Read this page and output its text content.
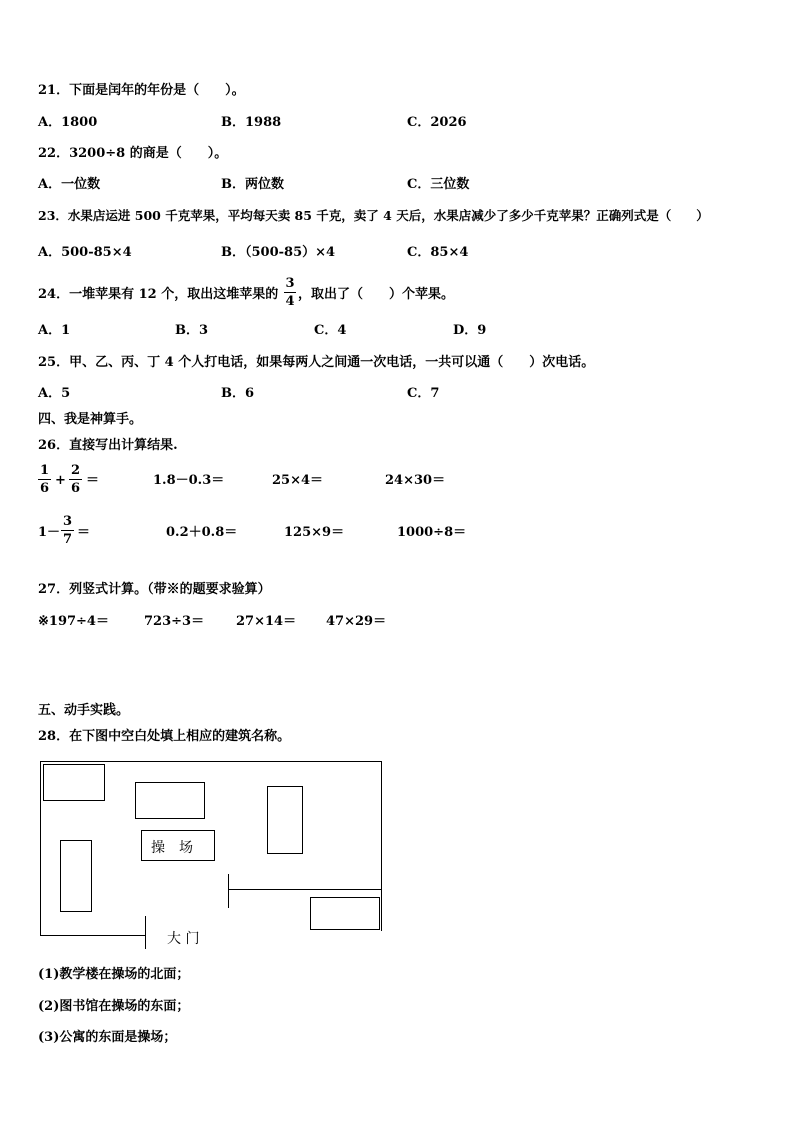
21．下面是闰年的年份是（　　）。
A．1800	B．1988	C．2026
22．3200÷8 的商是（　　）。
A．一位数	B．两位数	C．三位数
23．水果店运进 500 千克苹果，平均每天卖 85 千克，卖了 4 天后，水果店减少了多少千克苹果？正确列式是（　　）
A．500-85×4	B．（500-85）×4	C．85×4
24．一堆苹果有 12 个，取出这堆苹果的
3
4 ，取出了（　　）个苹果。
A．1	B．3	C．4	D．9
25．甲、乙、丙、丁 4 个人打电话，如果每两人之间通一次电话，一共可以通（　　）次电话。
A．5	B．6	C．7
四、我是神算手。
26．直接写出计算结果.
1
6
+
2
6
＝	1.8－0.3＝	25×4＝	24×30＝
1－
3
7 ＝	0.2＋0.8＝	125×9＝	1000÷8＝
27．列竖式计算。（带※的题要求验算）
※197÷4＝	723÷3＝ 27×14＝ 47×29＝
五、动手实践。
28．在下图中空白处填上相应的建筑名称。
操　场
大 门
(1)教学楼在操场的北面；
(2)图书馆在操场的东面；
(3)公寓的东面是操场；
